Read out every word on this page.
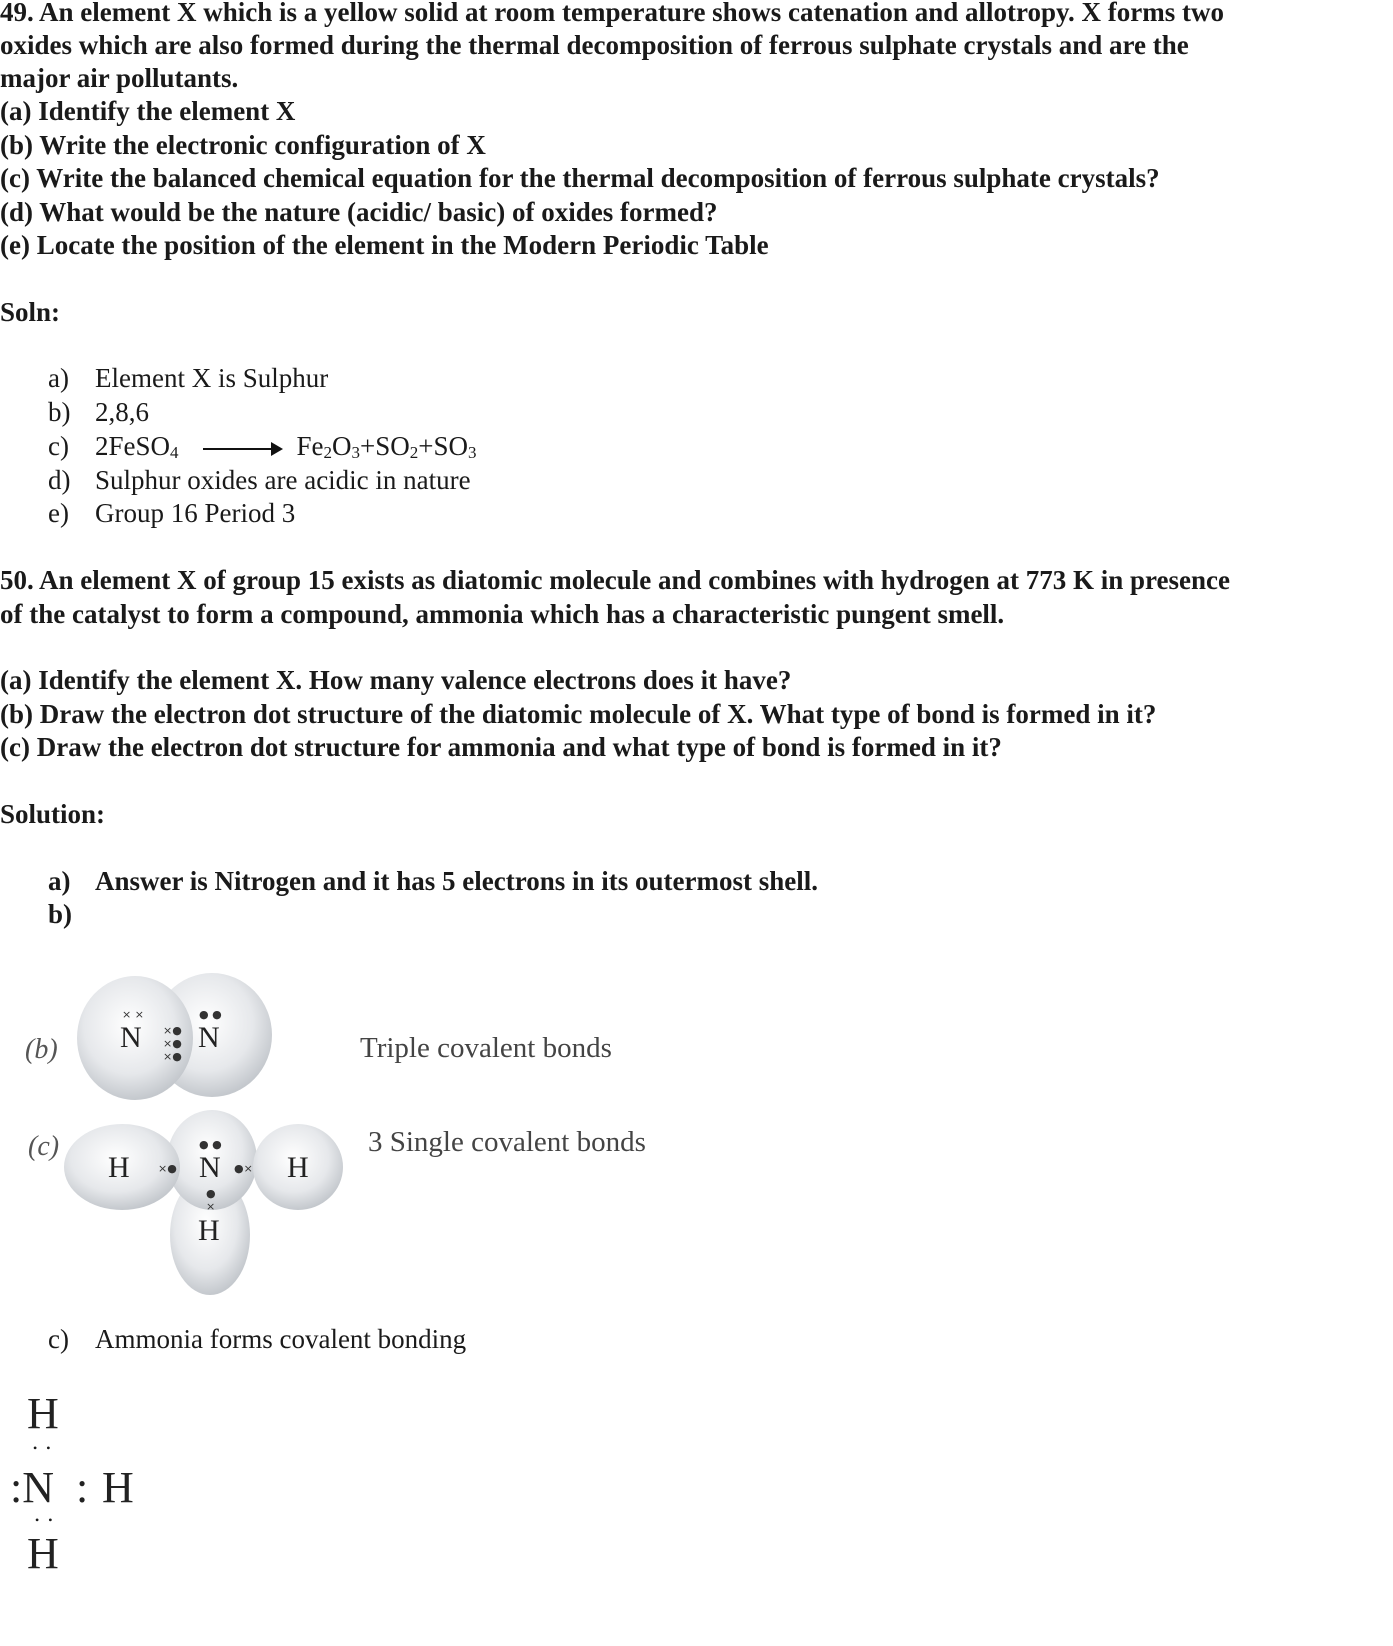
49. An element X which is a yellow solid at room temperature shows catenation and allotropy. X forms two
oxides which are also formed during the thermal decomposition of ferrous sulphate crystals and are the
major air pollutants.
(a) Identify the element X
(b) Write the electronic configuration of X
(c) Write the balanced chemical equation for the thermal decomposition of ferrous sulphate crystals?
(d) What would be the nature (acidic/ basic) of oxides formed?
(e) Locate the position of the element in the Modern Periodic Table
Soln:
a) Element X is Sulphur
b) 2,8,6
c) 2FeSO$_4$	$Fe_2O_3+SO_2+SO_3$
d) Sulphur oxides are acidic in nature
e) Group 16 Period 3
50. An element X of group 15 exists as diatomic molecule and combines with hydrogen at 773 K in presence
of the catalyst to form a compound, ammonia which has a characteristic pungent smell.
(a) Identify the element X. How many valence electrons does it have?
(b) Draw the electron dot structure of the diatomic molecule of X. What type of bond is formed in it?
(c) Draw the electron dot structure for ammonia and what type of bond is formed in it?
Solution:
a) Answer is Nitrogen and it has 5 electrons in its outermost shell.
b)
× ×	● ●
×●
×●
×●
● ●
×●	●×
●
×
(b) N N	Triple covalent bonds
(c)
H N H
H
3 Single covalent bonds
c) Ammonia forms covalent bonding
H
••
:N : H
••
H
